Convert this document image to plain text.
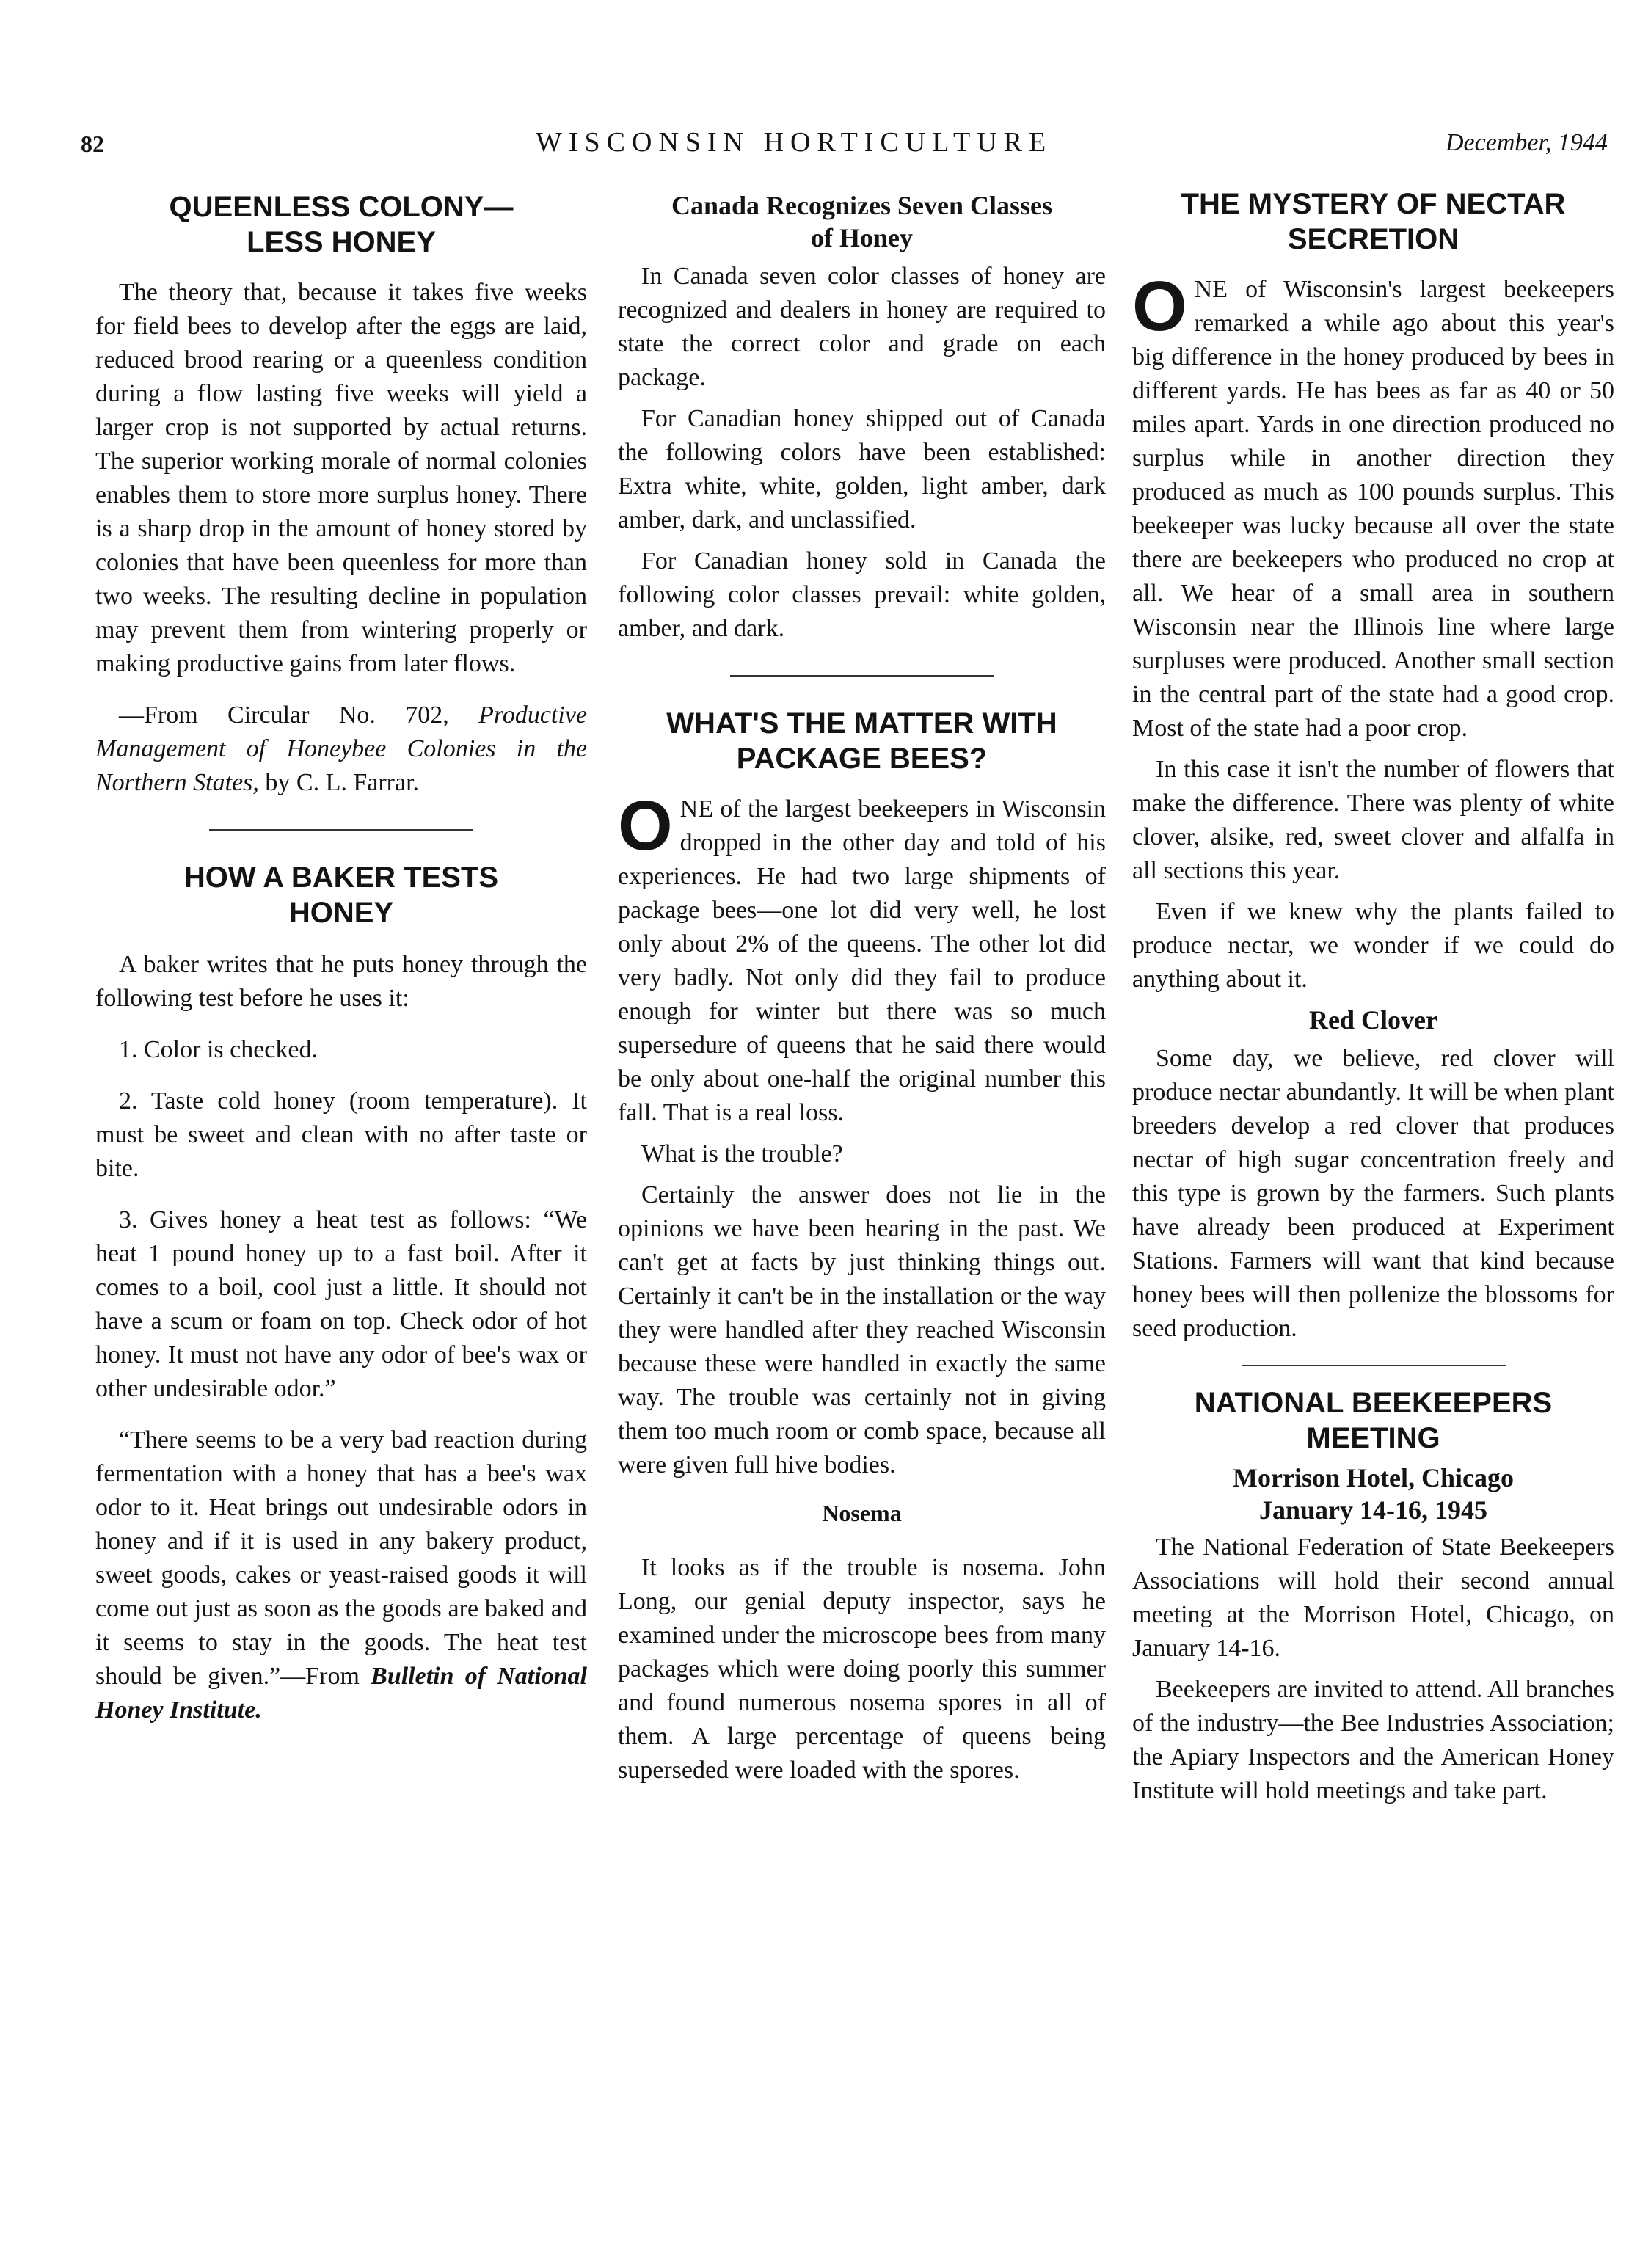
82	WISCONSIN HORTICULTURE	December, 1944
QUEENLESS COLONY— LESS HONEY

The theory that, because it takes five weeks for field bees to develop after the eggs are laid, reduced brood rearing or a queenless condition during a flow lasting five weeks will yield a larger crop is not supported by actual returns. The superior working morale of normal colonies enables them to store more surplus honey. There is a sharp drop in the amount of honey stored by colonies that have been queenless for more than two weeks. The resulting decline in population may prevent them from wintering properly or making productive gains from later flows.

—From Circular No. 702, Productive Management of Honeybee Colonies in the Northern States, by C. L. Farrar.

HOW A BAKER TESTS HONEY

A baker writes that he puts honey through the following test before he uses it:

1. Color is checked.

2. Taste cold honey (room temperature). It must be sweet and clean with no after taste or bite.

3. Gives honey a heat test as follows: “We heat 1 pound honey up to a fast boil. After it comes to a boil, cool just a little. It should not have a scum or foam on top. Check odor of hot honey. It must not have any odor of bee's wax or other undesirable odor.”

“There seems to be a very bad reaction during fermentation with a honey that has a bee's wax odor to it. Heat brings out undesirable odors in honey and if it is used in any bakery product, sweet goods, cakes or yeast-raised goods it will come out just as soon as the goods are baked and it seems to stay in the goods. The heat test should be given.”—From Bulletin of National Honey Institute.

Canada Recognizes Seven Classes of Honey

In Canada seven color classes of honey are recognized and dealers in honey are required to state the correct color and grade on each package.

For Canadian honey shipped out of Canada the following colors have been established: Extra white, white, golden, light amber, dark amber, dark, and unclassified.

For Canadian honey sold in Canada the following color classes prevail: white golden, amber, and dark.

WHAT'S THE MATTER WITH PACKAGE BEES?

ONE of the largest beekeepers in Wisconsin dropped in the other day and told of his experiences. He had two large shipments of package bees—one lot did very well, he lost only about 2% of the queens. The other lot did very badly. Not only did they fail to produce enough for winter but there was so much supersedure of queens that he said there would be only about one-half the original number this fall. That is a real loss.

What is the trouble?

Certainly the answer does not lie in the opinions we have been hearing in the past. We can't get at facts by just thinking things out. Certainly it can't be in the installation or the way they were handled after they reached Wisconsin because these were handled in exactly the same way. The trouble was certainly not in giving them too much room or comb space, because all were given full hive bodies.

Nosema

It looks as if the trouble is nosema. John Long, our genial deputy inspector, says he examined under the microscope bees from many packages which were doing poorly this summer and found numerous nosema spores in all of them. A large percentage of queens being superseded were loaded with the spores.

THE MYSTERY OF NECTAR SECRETION

ONE of Wisconsin's largest beekeepers remarked a while ago about this year's big difference in the honey produced by bees in different yards. He has bees as far as 40 or 50 miles apart. Yards in one direction produced no surplus while in another direction they produced as much as 100 pounds surplus. This beekeeper was lucky because all over the state there are beekeepers who produced no crop at all. We hear of a small area in southern Wisconsin near the Illinois line where large surpluses were produced. Another small section in the central part of the state had a good crop. Most of the state had a poor crop.

In this case it isn't the number of flowers that make the difference. There was plenty of white clover, alsike, red, sweet clover and alfalfa in all sections this year.

Even if we knew why the plants failed to produce nectar, we wonder if we could do anything about it.

Red Clover

Some day, we believe, red clover will produce nectar abundantly. It will be when plant breeders develop a red clover that produces nectar of high sugar concentration freely and this type is grown by the farmers. Such plants have already been produced at Experiment Stations. Farmers will want that kind because honey bees will then pollenize the blossoms for seed production.

NATIONAL BEEKEEPERS MEETING
Morrison Hotel, Chicago
January 14-16, 1945

The National Federation of State Beekeepers Associations will hold their second annual meeting at the Morrison Hotel, Chicago, on January 14-16.

Beekeepers are invited to attend. All branches of the industry—the Bee Industries Association; the Apiary Inspectors and the American Honey Institute will hold meetings and take part.
